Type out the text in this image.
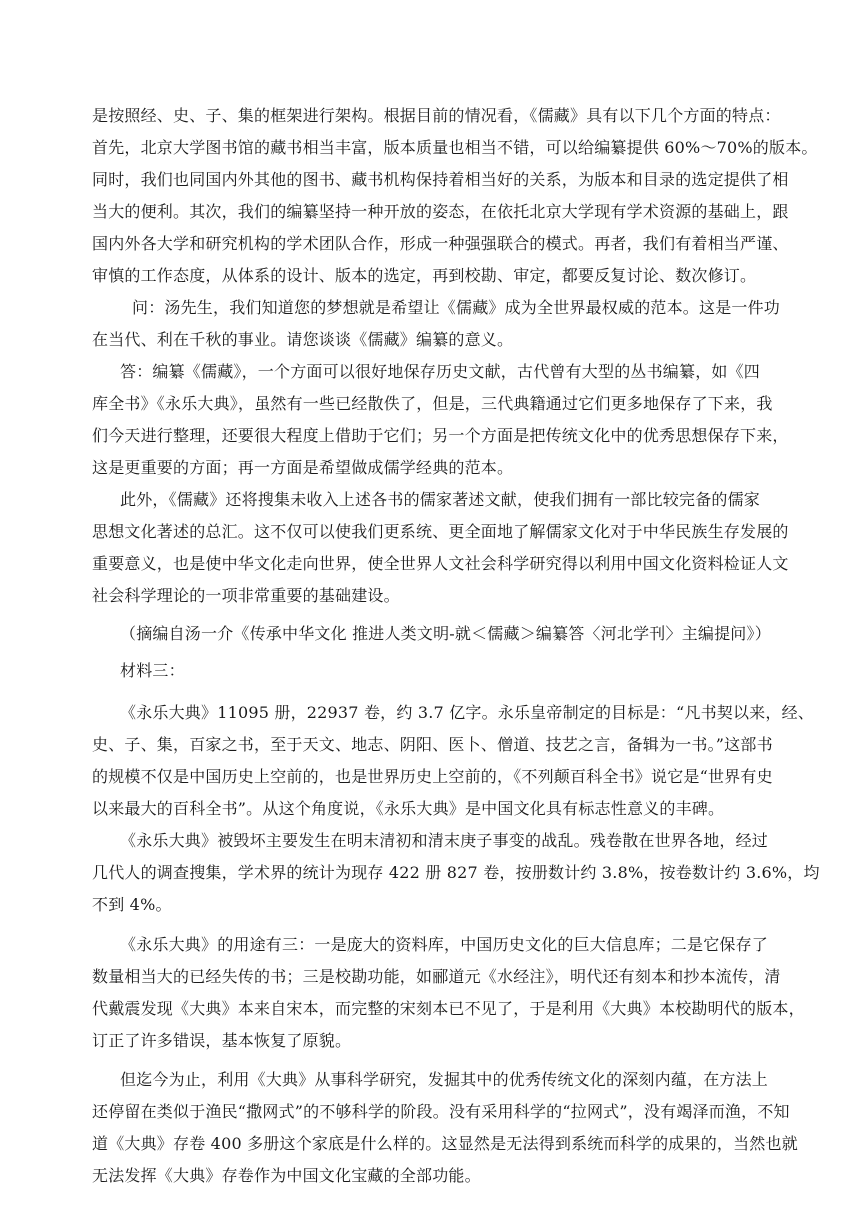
是按照经、史、子、集的框架进行架构。根据目前的情况看，《儒藏》具有以下几个方面的特点：
首先，北京大学图书馆的藏书相当丰富，版本质量也相当不错，可以给编纂提供 60%～70%的版本。
同时，我们也同国内外其他的图书、藏书机构保持着相当好的关系，为版本和目录的选定提供了相
当大的便利。其次，我们的编纂坚持一种开放的姿态，在依托北京大学现有学术资源的基础上，跟
国内外各大学和研究机构的学术团队合作，形成一种强强联合的模式。再者，我们有着相当严谨、
审慎的工作态度，从体系的设计、版本的选定，再到校勘、审定，都要反复讨论、数次修订。
问：汤先生，我们知道您的梦想就是希望让《儒藏》成为全世界最权威的范本。这是一件功
在当代、利在千秋的事业。请您谈谈《儒藏》编纂的意义。
答：编纂《儒藏》，一个方面可以很好地保存历史文献，古代曾有大型的丛书编纂，如《四
库全书》《永乐大典》，虽然有一些已经散佚了，但是，三代典籍通过它们更多地保存了下来，我
们今天进行整理，还要很大程度上借助于它们；另一个方面是把传统文化中的优秀思想保存下来，
这是更重要的方面；再一方面是希望做成儒学经典的范本。
此外，《儒藏》还将搜集未收入上述各书的儒家著述文献，使我们拥有一部比较完备的儒家
思想文化著述的总汇。这不仅可以使我们更系统、更全面地了解儒家文化对于中华民族生存发展的
重要意义，也是使中华文化走向世界，使全世界人文社会科学研究得以利用中国文化资料检证人文
社会科学理论的一项非常重要的基础建设。
（摘编自汤一介《传承中华文化 推进人类文明-就＜儒藏＞编纂答〈河北学刊〉主编提问》）
材料三：
《永乐大典》11095 册，22937 卷，约 3.7 亿字。永乐皇帝制定的目标是：“凡书契以来，经、
史、子、集，百家之书，至于天文、地志、阴阳、医卜、僧道、技艺之言，备辑为一书。”这部书
的规模不仅是中国历史上空前的，也是世界历史上空前的，《不列颠百科全书》说它是“世界有史
以来最大的百科全书”。从这个角度说，《永乐大典》是中国文化具有标志性意义的丰碑。
《永乐大典》被毁坏主要发生在明末清初和清末庚子事变的战乱。残卷散在世界各地，经过
几代人的调查搜集，学术界的统计为现存 422 册 827 卷，按册数计约 3.8%，按卷数计约 3.6%，均
不到 4%。
《永乐大典》的用途有三：一是庞大的资料库，中国历史文化的巨大信息库；二是它保存了
数量相当大的已经失传的书；三是校勘功能，如郦道元《水经注》，明代还有刻本和抄本流传，清
代戴震发现《大典》本来自宋本，而完整的宋刻本已不见了，于是利用《大典》本校勘明代的版本，
订正了许多错误，基本恢复了原貌。
但迄今为止，利用《大典》从事科学研究，发掘其中的优秀传统文化的深刻内蕴，在方法上
还停留在类似于渔民“撒网式”的不够科学的阶段。没有采用科学的“拉网式”，没有竭泽而渔，不知
道《大典》存卷 400 多册这个家底是什么样的。这显然是无法得到系统而科学的成果的，当然也就
无法发挥《大典》存卷作为中国文化宝藏的全部功能。
